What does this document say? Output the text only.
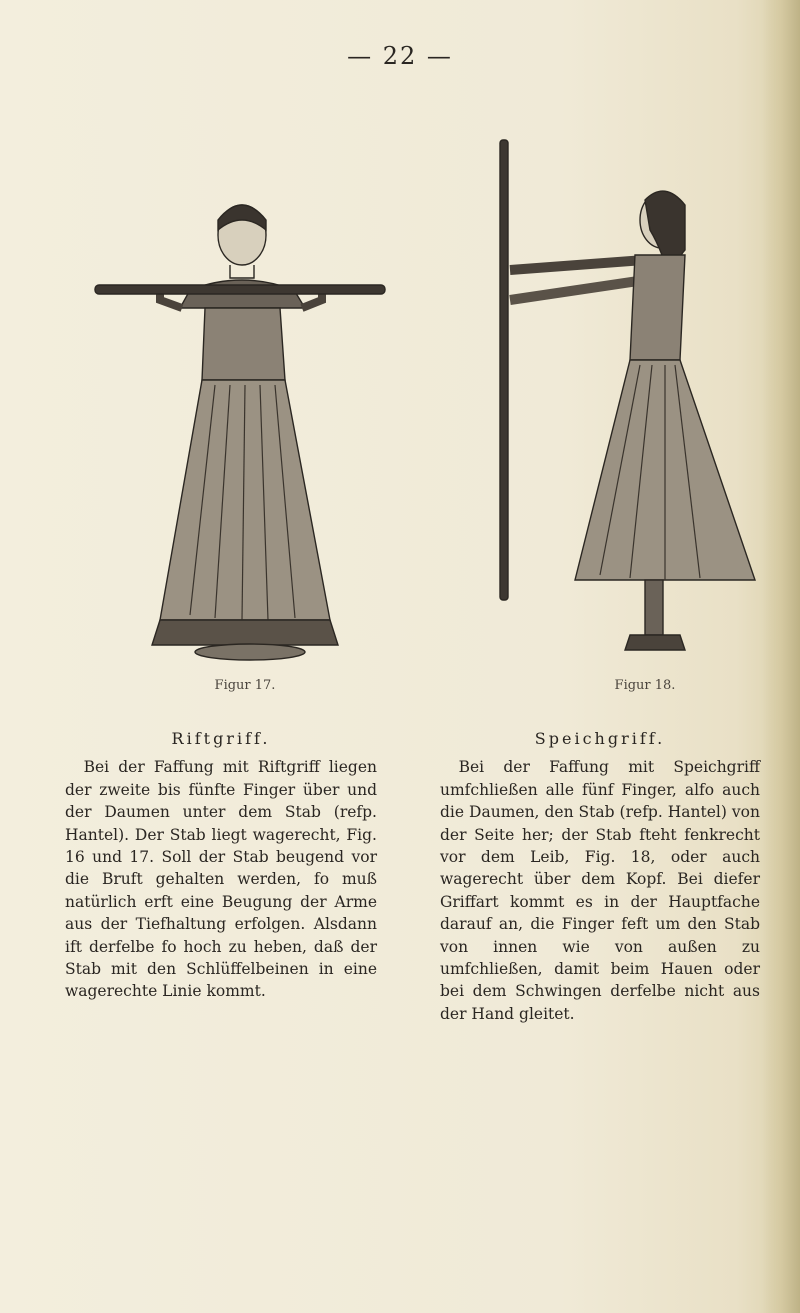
— 22 —
Figur 17.	Figur 18.
Riftgriff.
Bei der Faffung mit Riftgriff liegen der zweite bis fünfte Finger über und der Daumen unter dem Stab (refp. Hantel). Der Stab liegt wagerecht, Fig. 16 und 17. Soll der Stab beugend vor die Bruft gehalten werden, fo muß natürlich erft eine Beugung der Arme aus der Tiefhaltung erfolgen. Alsdann ift derfelbe fo hoch zu heben, daß der Stab mit den Schlüffelbeinen in eine wagerechte Linie kommt.
Speichgriff.
Bei der Faffung mit Speichgriff umfchließen alle fünf Finger, alfo auch die Daumen, den Stab (refp. Hantel) von der Seite her; der Stab fteht fenkrecht vor dem Leib, Fig. 18, oder auch wagerecht über dem Kopf. Bei diefer Griffart kommt es in der Hauptfache darauf an, die Finger feft um den Stab von innen wie von außen zu umfchließen, damit beim Hauen oder bei dem Schwingen derfelbe nicht aus der Hand gleitet.
